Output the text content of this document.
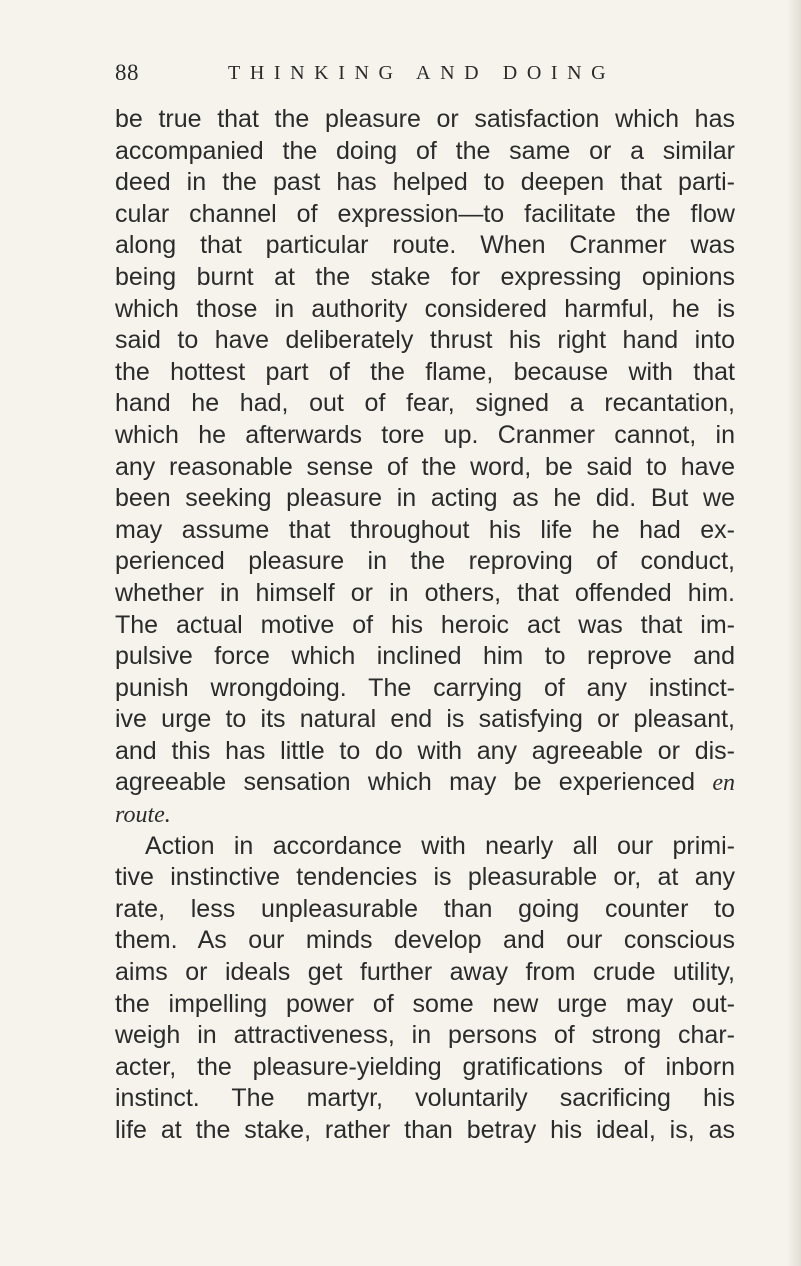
88	THINKING AND DOING
be true that the pleasure or satisfaction which has
accompanied the doing of the same or a similar
deed in the past has helped to deepen that parti-
cular channel of expression—to facilitate the flow
along that particular route. When Cranmer was
being burnt at the stake for expressing opinions
which those in authority considered harmful, he is
said to have deliberately thrust his right hand into
the hottest part of the flame, because with that
hand he had, out of fear, signed a recantation,
which he afterwards tore up. Cranmer cannot, in
any reasonable sense of the word, be said to have
been seeking pleasure in acting as he did. But we
may assume that throughout his life he had ex-
perienced pleasure in the reproving of conduct,
whether in himself or in others, that offended him.
The actual motive of his heroic act was that im-
pulsive force which inclined him to reprove and
punish wrongdoing. The carrying of any instinct-
ive urge to its natural end is satisfying or pleasant,
and this has little to do with any agreeable or dis-
agreeable sensation which may be experienced en
route.
Action in accordance with nearly all our primi-
tive instinctive tendencies is pleasurable or, at any
rate, less unpleasurable than going counter to
them. As our minds develop and our conscious
aims or ideals get further away from crude utility,
the impelling power of some new urge may out-
weigh in attractiveness, in persons of strong char-
acter, the pleasure-yielding gratifications of inborn
instinct. The martyr, voluntarily sacrificing his
life at the stake, rather than betray his ideal, is, as
